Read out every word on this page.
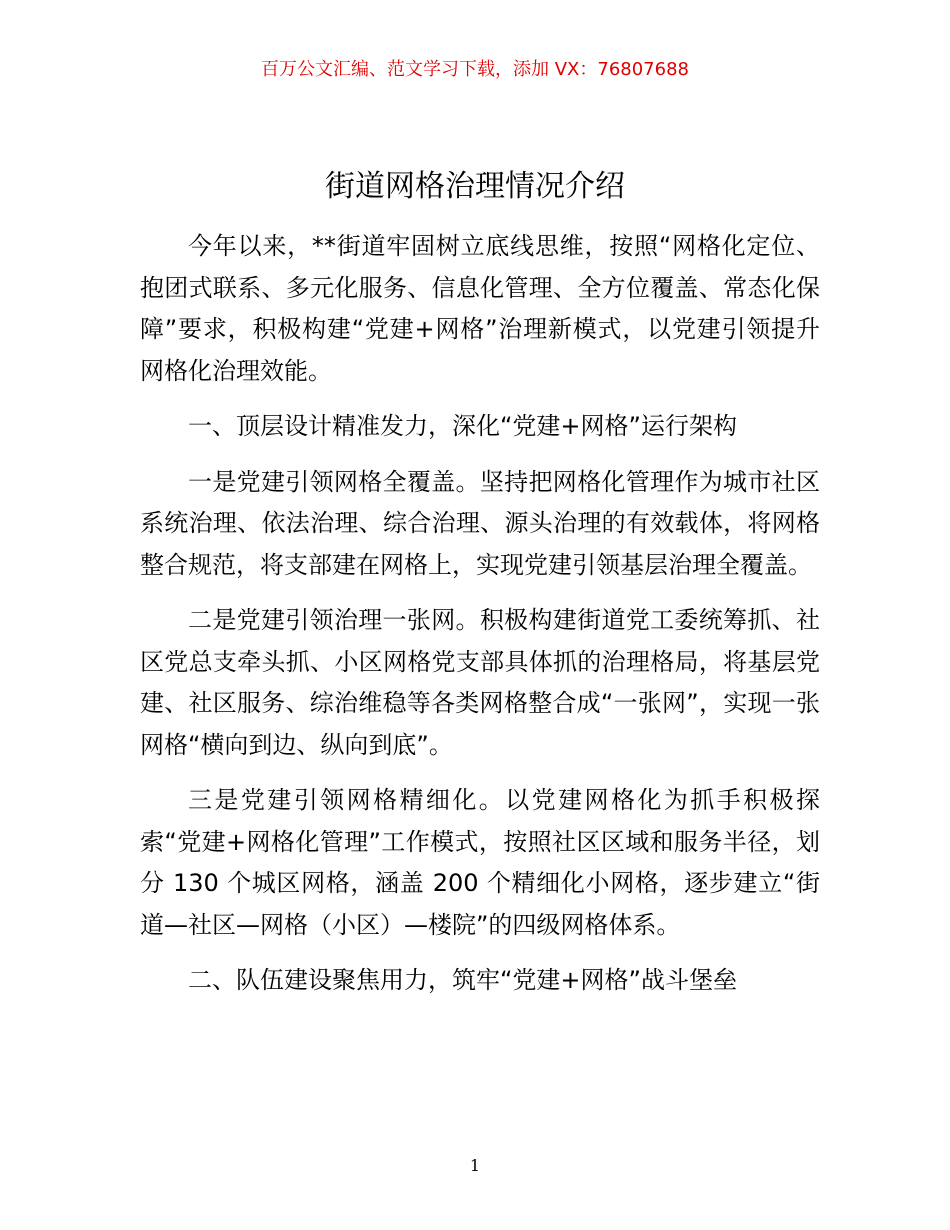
百万公文汇编、范文学习下载，添加 VX：76807688
街道网格治理情况介绍

今年以来，**街道牢固树立底线思维，按照“网格化定位、抱团式联系、多元化服务、信息化管理、全方位覆盖、常态化保障”要求，积极构建“党建+网格”治理新模式，以党建引领提升网格化治理效能。

一、顶层设计精准发力，深化“党建+网格”运行架构

一是党建引领网格全覆盖。坚持把网格化管理作为城市社区系统治理、依法治理、综合治理、源头治理的有效载体，将网格整合规范，将支部建在网格上，实现党建引领基层治理全覆盖。

二是党建引领治理一张网。积极构建街道党工委统筹抓、社区党总支牵头抓、小区网格党支部具体抓的治理格局，将基层党建、社区服务、综治维稳等各类网格整合成“一张网”，实现一张网格“横向到边、纵向到底”。

三是党建引领网格精细化。以党建网格化为抓手积极探索“党建+网格化管理”工作模式，按照社区区域和服务半径，划分 130 个城区网格，涵盖 200 个精细化小网格，逐步建立“街道—社区—网格（小区）—楼院”的四级网格体系。

二、队伍建设聚焦用力，筑牢“党建+网格”战斗堡垒

1
